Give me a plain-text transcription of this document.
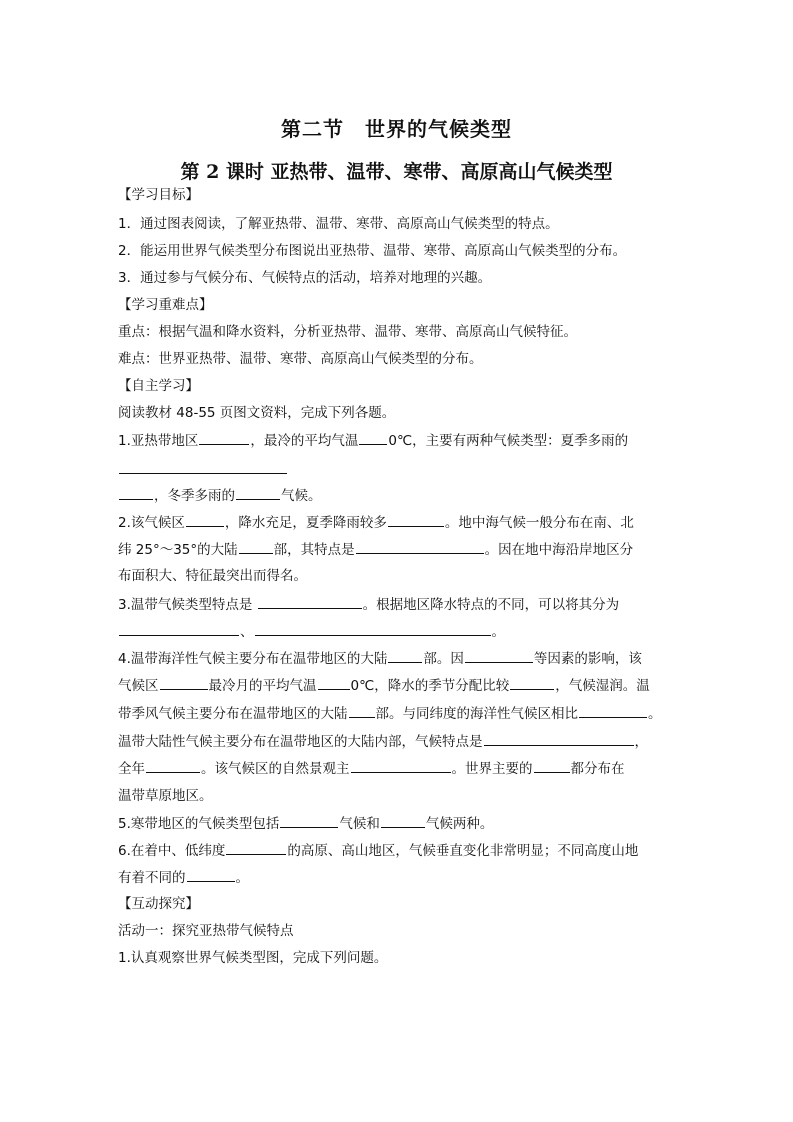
第二节　世界的气候类型
第 2 课时 亚热带、温带、寒带、高原高山气候类型
【学习目标】
1．通过图表阅读，了解亚热带、温带、寒带、高原高山气候类型的特点。
2．能运用世界气候类型分布图说出亚热带、温带、寒带、高原高山气候类型的分布。
3．通过参与气候分布、气候特点的活动，培养对地理的兴趣。
【学习重难点】
重点：根据气温和降水资料，分析亚热带、温带、寒带、高原高山气候特征。
难点：世界亚热带、温带、寒带、高原高山气候类型的分布。
【自主学习】
阅读教材 48-55 页图文资料，完成下列各题。
1.亚热带地区	，最冷的平均气温 0℃，主要有两种气候类型：夏季多雨的
，冬季多雨的	气候。
2.该气候区	，降水充足，夏季降雨较多	。地中海气候一般分布在南、北
纬 25°～35°的大陆	部，其特点是	。因在地中海沿岸地区分
布面积大、特征最突出而得名。
3.温带气候类型特点是	。根据地区降水特点的不同，可以将其分为
、	。
4.温带海洋性气候主要分布在温带地区的大陆	部。因	等因素的影响，该
气候区	最冷月的平均气温	0℃，降水的季节分配比较	，气候湿润。温
带季风气候主要分布在温带地区的大陆 部。与同纬度的海洋性气候区相比	。
温带大陆性气候主要分布在温带地区的大陆内部，气候特点是	，
全年	。该气候区的自然景观主	。世界主要的	都分布在
温带草原地区。
5.寒带地区的气候类型包括	气候和	气候两种。
6.在着中、低纬度	的高原、高山地区，气候垂直变化非常明显；不同高度山地
有着不同的	。
【互动探究】
活动一：探究亚热带气候特点
1.认真观察世界气候类型图，完成下列问题。
